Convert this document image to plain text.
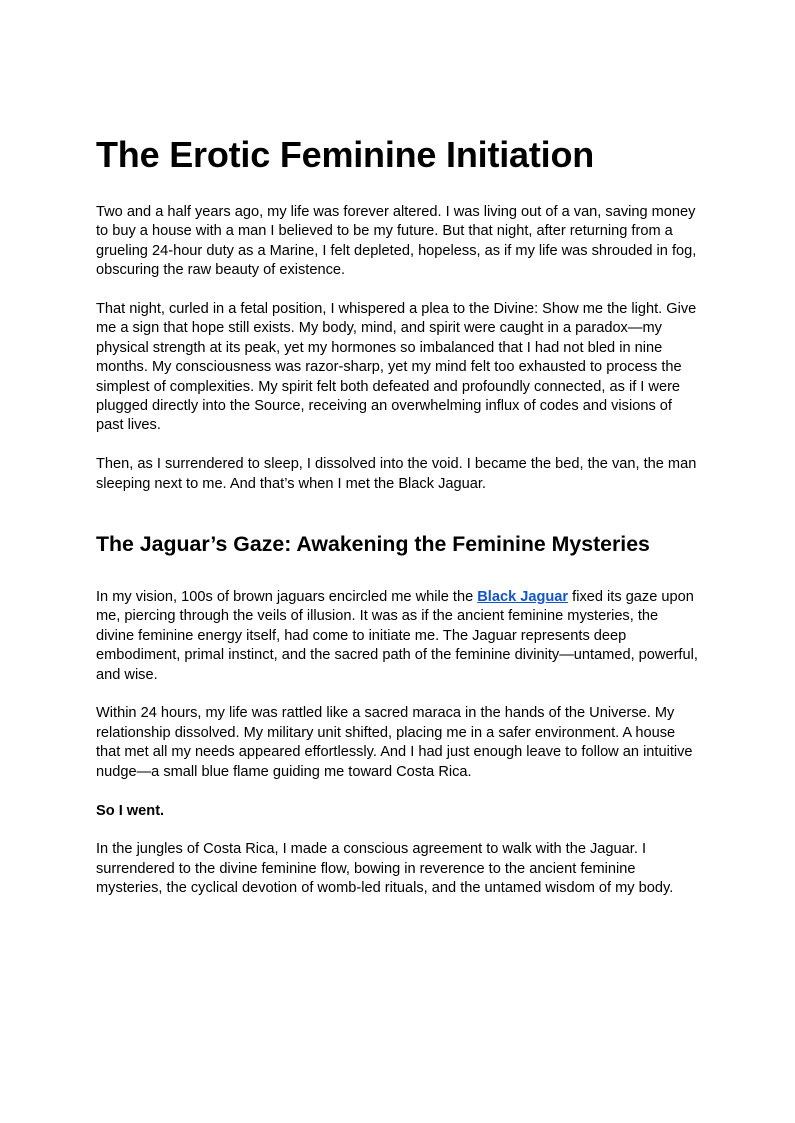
The Erotic Feminine Initiation

Two and a half years ago, my life was forever altered. I was living out of a van, saving money to buy a house with a man I believed to be my future. But that night, after returning from a grueling 24-hour duty as a Marine, I felt depleted, hopeless, as if my life was shrouded in fog, obscuring the raw beauty of existence.

That night, curled in a fetal position, I whispered a plea to the Divine: Show me the light. Give me a sign that hope still exists. My body, mind, and spirit were caught in a paradox—my physical strength at its peak, yet my hormones so imbalanced that I had not bled in nine months. My consciousness was razor-sharp, yet my mind felt too exhausted to process the simplest of complexities. My spirit felt both defeated and profoundly connected, as if I were plugged directly into the Source, receiving an overwhelming influx of codes and visions of past lives.

Then, as I surrendered to sleep, I dissolved into the void. I became the bed, the van, the man sleeping next to me. And that’s when I met the Black Jaguar.

The Jaguar’s Gaze: Awakening the Feminine Mysteries

In my vision, 100s of brown jaguars encircled me while the Black Jaguar fixed its gaze upon me, piercing through the veils of illusion. It was as if the ancient feminine mysteries, the divine feminine energy itself, had come to initiate me. The Jaguar represents deep embodiment, primal instinct, and the sacred path of the feminine divinity—untamed, powerful, and wise.

Within 24 hours, my life was rattled like a sacred maraca in the hands of the Universe. My relationship dissolved. My military unit shifted, placing me in a safer environment. A house that met all my needs appeared effortlessly. And I had just enough leave to follow an intuitive nudge—a small blue flame guiding me toward Costa Rica.

So I went.

In the jungles of Costa Rica, I made a conscious agreement to walk with the Jaguar. I surrendered to the divine feminine flow, bowing in reverence to the ancient feminine mysteries, the cyclical devotion of womb-led rituals, and the untamed wisdom of my body.
